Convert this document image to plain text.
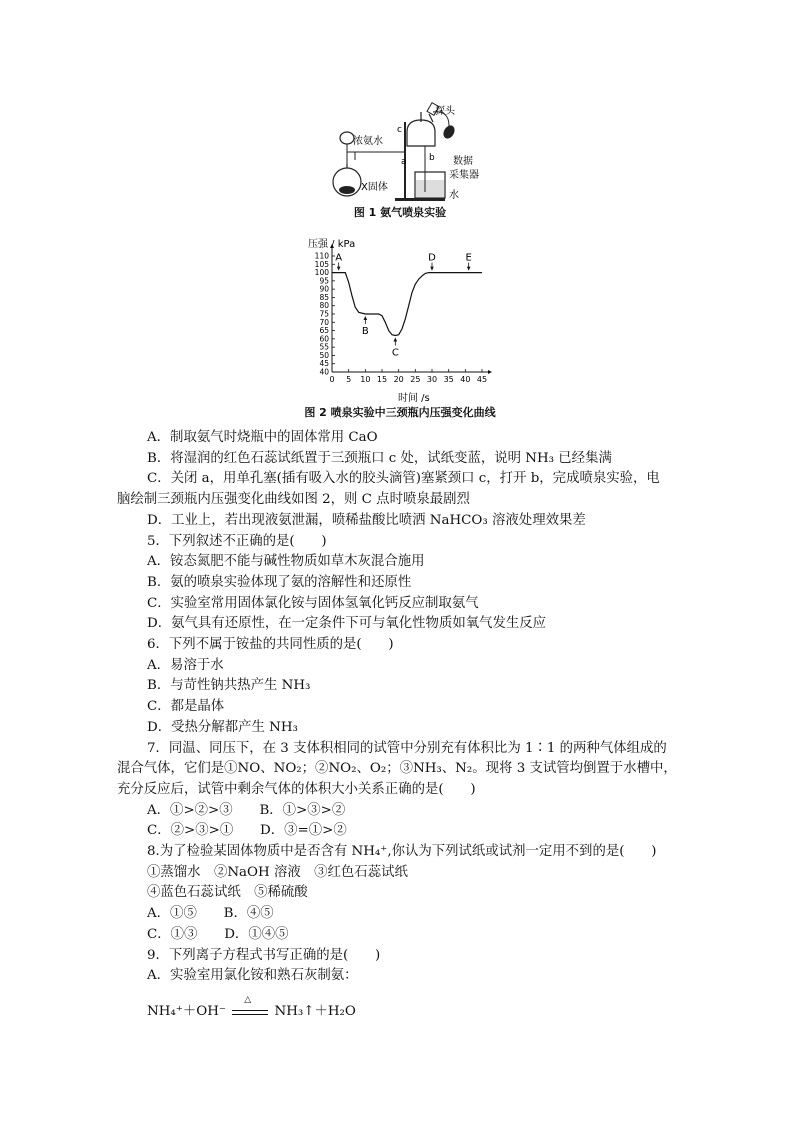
探头
浓氨水
X固体
数据
采集器
水
c
a b
图 1 氨气喷泉实验
0 5 10 15 20 25 30 35 40 45
40
45
50
55
60
65
70
75
80
85
90
95
100
105
110 A
B
C
D	E
压强 / kPa
时间 /s
图 2 喷泉实验中三颈瓶内压强变化曲线
A．制取氨气时烧瓶中的固体常用 CaO
B．将湿润的红色石蕊试纸置于三颈瓶口 c 处，试纸变蓝，说明 NH₃ 已经集满
C．关闭 a，用单孔塞(插有吸入水的胶头滴管)塞紧颈口 c，打开 b，完成喷泉实验，电
脑绘制三颈瓶内压强变化曲线如图 2，则 C 点时喷泉最剧烈
D．工业上，若出现液氨泄漏，喷稀盐酸比喷洒 NaHCO₃ 溶液处理效果差
5．下列叙述不正确的是(　　)
A．铵态氮肥不能与碱性物质如草木灰混合施用
B．氨的喷泉实验体现了氨的溶解性和还原性
C．实验室常用固体氯化铵与固体氢氧化钙反应制取氨气
D．氨气具有还原性，在一定条件下可与氧化性物质如氧气发生反应
6．下列不属于铵盐的共同性质的是(　　)
A．易溶于水
B．与苛性钠共热产生 NH₃
C．都是晶体
D．受热分解都产生 NH₃
7．同温、同压下，在 3 支体积相同的试管中分别充有体积比为 1∶1 的两种气体组成的
混合气体，它们是①NO、NO₂；②NO₂、O₂；③NH₃、N₂。现将 3 支试管均倒置于水槽中，
充分反应后，试管中剩余气体的体积大小关系正确的是(　　)
A．①>②>③　　B．①>③>②
C．②>③>①　　D．③=①>②
8.为了检验某固体物质中是否含有 NH₄⁺,你认为下列试纸或试剂一定用不到的是(　　)
①蒸馏水　②NaOH 溶液　③红色石蕊试纸
④蓝色石蕊试纸　⑤稀硫酸
A．①⑤　　B．④⑤
C．①③　　D．①④⑤
9．下列离子方程式书写正确的是(　　)
A．实验室用氯化铵和熟石灰制氨：
NH₄⁺＋OH⁻
△
NH₃↑＋H₂O
